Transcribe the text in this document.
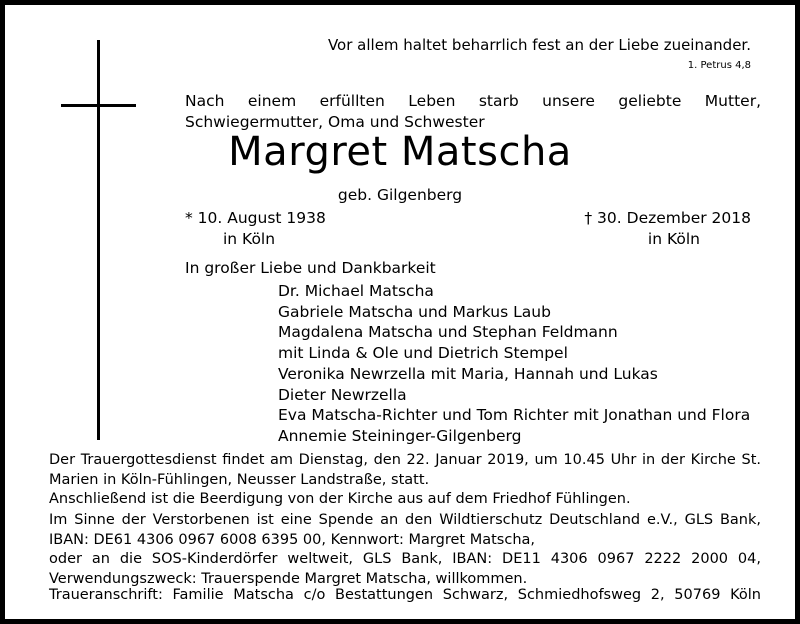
Vor allem haltet beharrlich fest an der Liebe zueinander.
1. Petrus 4,8
Nach einem erfüllten Leben starb unsere geliebte Mutter, Schwiegermutter, Oma und Schwester
Margret Matscha
geb. Gilgenberg
* 10. August 1938
in Köln
† 30. Dezember 2018
in Köln
In großer Liebe und Dankbarkeit
Dr. Michael Matscha
Gabriele Matscha und Markus Laub
Magdalena Matscha und Stephan Feldmann
mit Linda & Ole und Dietrich Stempel
Veronika Newrzella mit Maria, Hannah und Lukas
Dieter Newrzella
Eva Matscha-Richter und Tom Richter mit Jonathan und Flora
Annemie Steininger-Gilgenberg
Der Trauergottesdienst findet am Dienstag, den 22. Januar 2019, um 10.45 Uhr in der Kirche St. Marien in Köln-Fühlingen, Neusser Landstraße, statt.
Anschließend ist die Beerdigung von der Kirche aus auf dem Friedhof Fühlingen.
Im Sinne der Verstorbenen ist eine Spende an den Wildtierschutz Deutschland e.V., GLS Bank, IBAN: DE61 4306 0967 6008 6395 00, Kennwort: Margret Matscha,
oder an die SOS-Kinderdörfer weltweit, GLS Bank, IBAN: DE11 4306 0967 2222 2000 04, Verwendungszweck: Trauerspende Margret Matscha, willkommen.
Traueranschrift: Familie Matscha c/o Bestattungen Schwarz, Schmiedhofsweg 2, 50769 Köln
